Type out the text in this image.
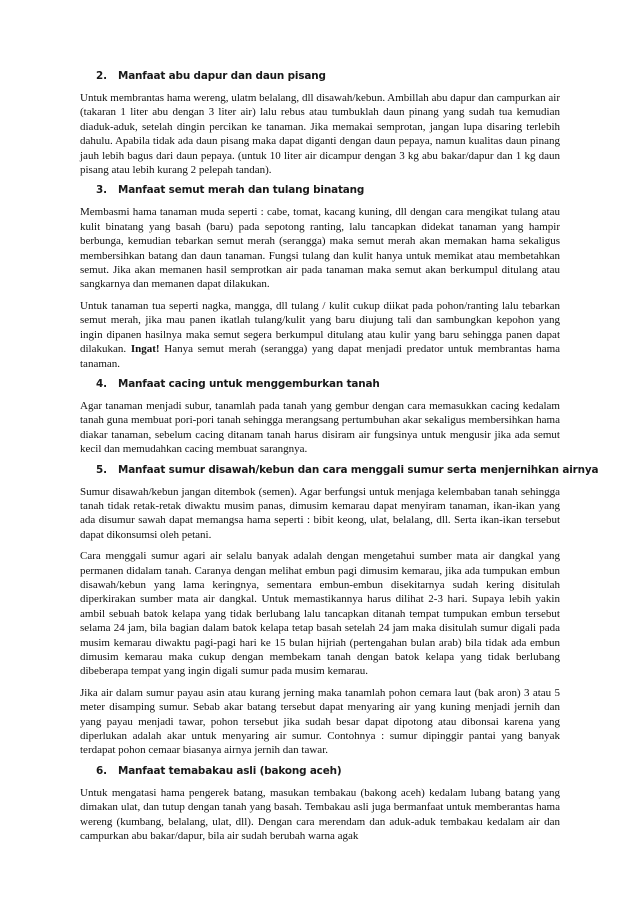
2. Manfaat abu dapur dan daun pisang

Untuk membrantas hama wereng, ulatm belalang, dll disawah/kebun. Ambillah abu dapur dan campurkan air (takaran 1 liter abu dengan 3 liter air) lalu rebus atau tumbuklah daun pinang yang sudah tua kemudian diaduk-aduk, setelah dingin percikan ke tanaman. Jika memakai semprotan, jangan lupa disaring terlebih dahulu. Apabila tidak ada daun pisang maka dapat diganti dengan daun pepaya, namun kualitas daun pinang jauh lebih bagus dari daun pepaya. (untuk 10 liter air dicampur dengan 3 kg abu bakar/dapur dan 1 kg daun pisang atau lebih kurang 2 pelepah tandan).

3. Manfaat semut merah dan tulang binatang

Membasmi hama tanaman muda seperti : cabe, tomat, kacang kuning, dll dengan cara mengikat tulang atau kulit binatang yang basah (baru) pada sepotong ranting, lalu tancapkan didekat tanaman yang hampir berbunga, kemudian tebarkan semut merah (serangga) maka semut merah akan memakan hama sekaligus membersihkan batang dan daun tanaman. Fungsi tulang dan kulit hanya untuk memikat atau membetahkan semut. Jika akan memanen hasil semprotkan air pada tanaman maka semut akan berkumpul ditulang atau sangkarnya dan memanen dapat dilakukan.

Untuk tanaman tua seperti nagka, mangga, dll tulang / kulit cukup diikat pada pohon/ranting lalu tebarkan semut merah, jika mau panen ikatlah tulang/kulit yang baru diujung tali dan sambungkan kepohon yang ingin dipanen hasilnya maka semut segera berkumpul ditulang atau kulir yang baru sehingga panen dapat dilakukan. Ingat! Hanya semut merah (serangga) yang dapat menjadi predator untuk membrantas hama tanaman.

4. Manfaat cacing untuk menggemburkan tanah

Agar tanaman menjadi subur, tanamlah pada tanah yang gembur dengan cara memasukkan cacing kedalam tanah guna membuat pori-pori tanah sehingga merangsang pertumbuhan akar sekaligus membersihkan hama diakar tanaman, sebelum cacing ditanam tanah harus disiram air fungsinya untuk mengusir jika ada semut kecil dan memudahkan cacing membuat sarangnya.

5. Manfaat sumur disawah/kebun dan cara menggali sumur serta menjernihkan airnya

Sumur disawah/kebun jangan ditembok (semen). Agar berfungsi untuk menjaga kelembaban tanah sehingga tanah tidak retak-retak diwaktu musim panas, dimusim kemarau dapat menyiram tanaman, ikan-ikan yang ada disumur sawah dapat memangsa hama seperti : bibit keong, ulat, belalang, dll. Serta ikan-ikan tersebut dapat dikonsumsi oleh petani.

Cara menggali sumur agari air selalu banyak adalah dengan mengetahui sumber mata air dangkal yang permanen didalam tanah. Caranya dengan melihat embun pagi dimusim kemarau, jika ada tumpukan embun disawah/kebun yang lama keringnya, sementara embun-embun disekitarnya sudah kering disitulah diperkirakan sumber mata air dangkal. Untuk memastikannya harus dilihat 2-3 hari. Supaya lebih yakin ambil sebuah batok kelapa yang tidak berlubang lalu tancapkan ditanah tempat tumpukan embun tersebut selama 24 jam, bila bagian dalam batok kelapa tetap basah setelah 24 jam maka disitulah sumur digali pada musim kemarau diwaktu pagi-pagi hari ke 15 bulan hijriah (pertengahan bulan arab) bila tidak ada embun dimusim kemarau maka cukup dengan membekam tanah dengan batok kelapa yang tidak berlubang dibeberapa tempat yang ingin digali sumur pada musim kemarau.

Jika air dalam sumur payau asin atau kurang jerning maka tanamlah pohon cemara laut (bak aron) 3 atau 5 meter disamping sumur. Sebab akar batang tersebut dapat menyaring air yang kuning menjadi jernih dan yang payau menjadi tawar, pohon tersebut jika sudah besar dapat dipotong atau dibonsai karena yang diperlukan adalah akar untuk menyaring air sumur. Contohnya : sumur dipinggir pantai yang banyak terdapat pohon cemaar biasanya airnya jernih dan tawar.

6. Manfaat temabakau asli (bakong aceh)

Untuk mengatasi hama pengerek batang, masukan tembakau (bakong aceh) kedalam lubang batang yang dimakan ulat, dan tutup dengan tanah yang basah. Tembakau asli juga bermanfaat untuk memberantas hama wereng (kumbang, belalang, ulat, dll). Dengan cara merendam dan aduk-aduk tembakau kedalam air dan campurkan abu bakar/dapur, bila air sudah berubah warna agak
